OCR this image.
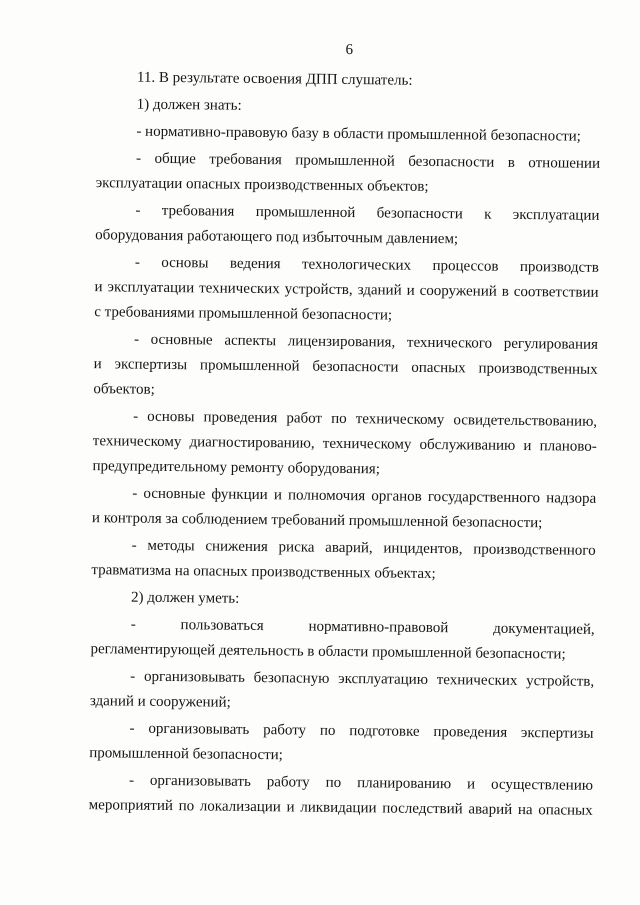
6
11. В результате освоения ДПП слушатель:
1) должен знать:
- нормативно-правовую базу в области промышленной безопасности;
- общие требования промышленной безопасности в отношении
эксплуатации опасных производственных объектов;
- требования промышленной безопасности к эксплуатации
оборудования работающего под избыточным давлением;
- основы ведения технологических процессов производств
и эксплуатации технических устройств, зданий и сооружений в соответствии
с требованиями промышленной безопасности;
- основные аспекты лицензирования, технического регулирования
и экспертизы промышленной безопасности опасных производственных
объектов;
- основы проведения работ по техническому освидетельствованию,
техническому диагностированию, техническому обслуживанию и планово-
предупредительному ремонту оборудования;
- основные функции и полномочия органов государственного надзора
и контроля за соблюдением требований промышленной безопасности;
- методы снижения риска аварий, инцидентов, производственного
травматизма на опасных производственных объектах;
2) должен уметь:
- пользоваться нормативно-правовой документацией,
регламентирующей деятельность в области промышленной безопасности;
- организовывать безопасную эксплуатацию технических устройств,
зданий и сооружений;
- организовывать работу по подготовке проведения экспертизы
промышленной безопасности;
- организовывать работу по планированию и осуществлению
мероприятий по локализации и ликвидации последствий аварий на опасных
